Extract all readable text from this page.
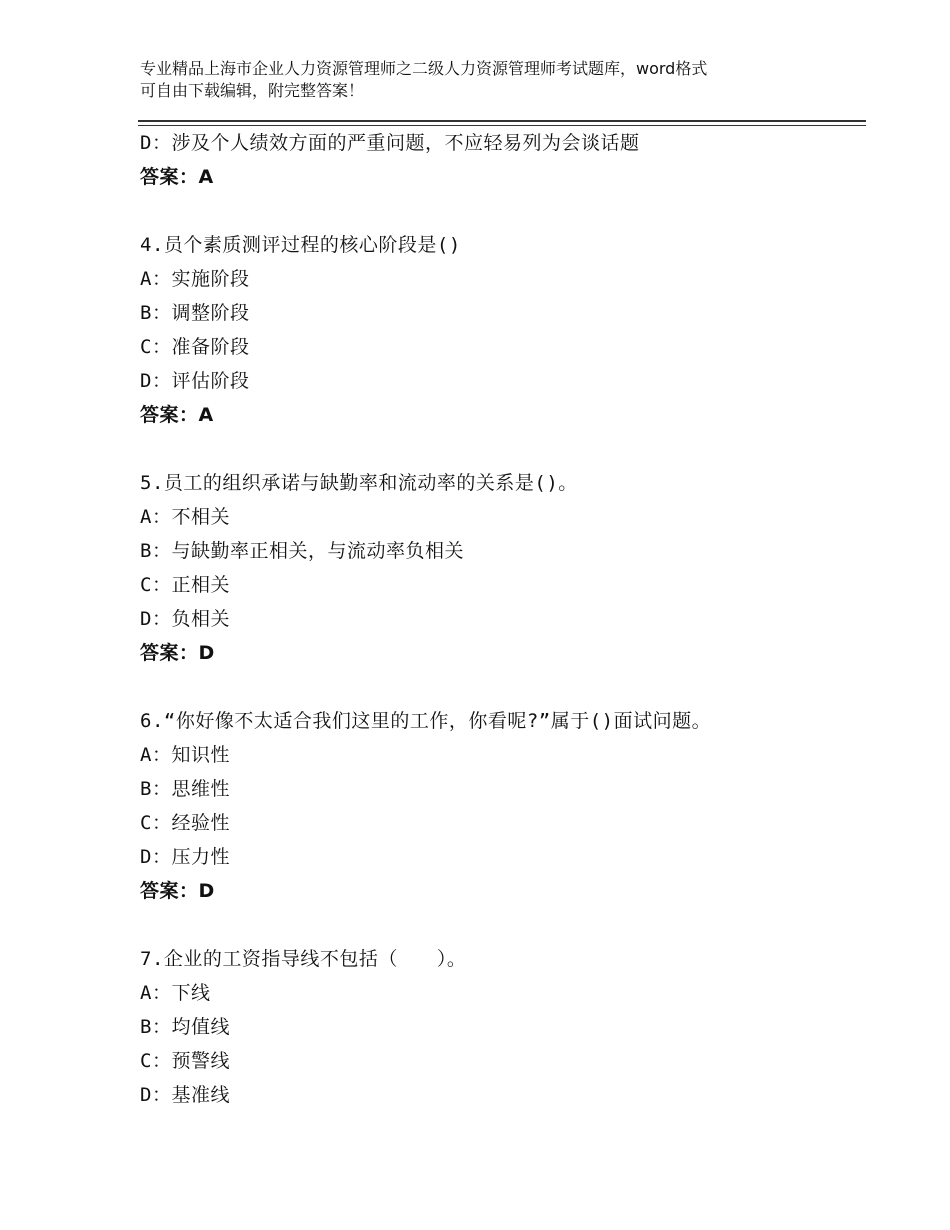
专业精品上海市企业人力资源管理师之二级人力资源管理师考试题库，word格式
可自由下载编辑，附完整答案！
D：涉及个人绩效方面的严重问题，不应轻易列为会谈话题
答案：A
4.员个素质测评过程的核心阶段是()
A：实施阶段
B：调整阶段
C：准备阶段
D：评估阶段
答案：A
5.员工的组织承诺与缺勤率和流动率的关系是()。
A：不相关
B：与缺勤率正相关，与流动率负相关
C：正相关
D：负相关
答案：D
6.“你好像不太适合我们这里的工作，你看呢?”属于()面试问题。
A：知识性
B：思维性
C：经验性
D：压力性
答案：D
7.企业的工资指导线不包括（　　）。
A：下线
B：均值线
C：预警线
D：基准线
